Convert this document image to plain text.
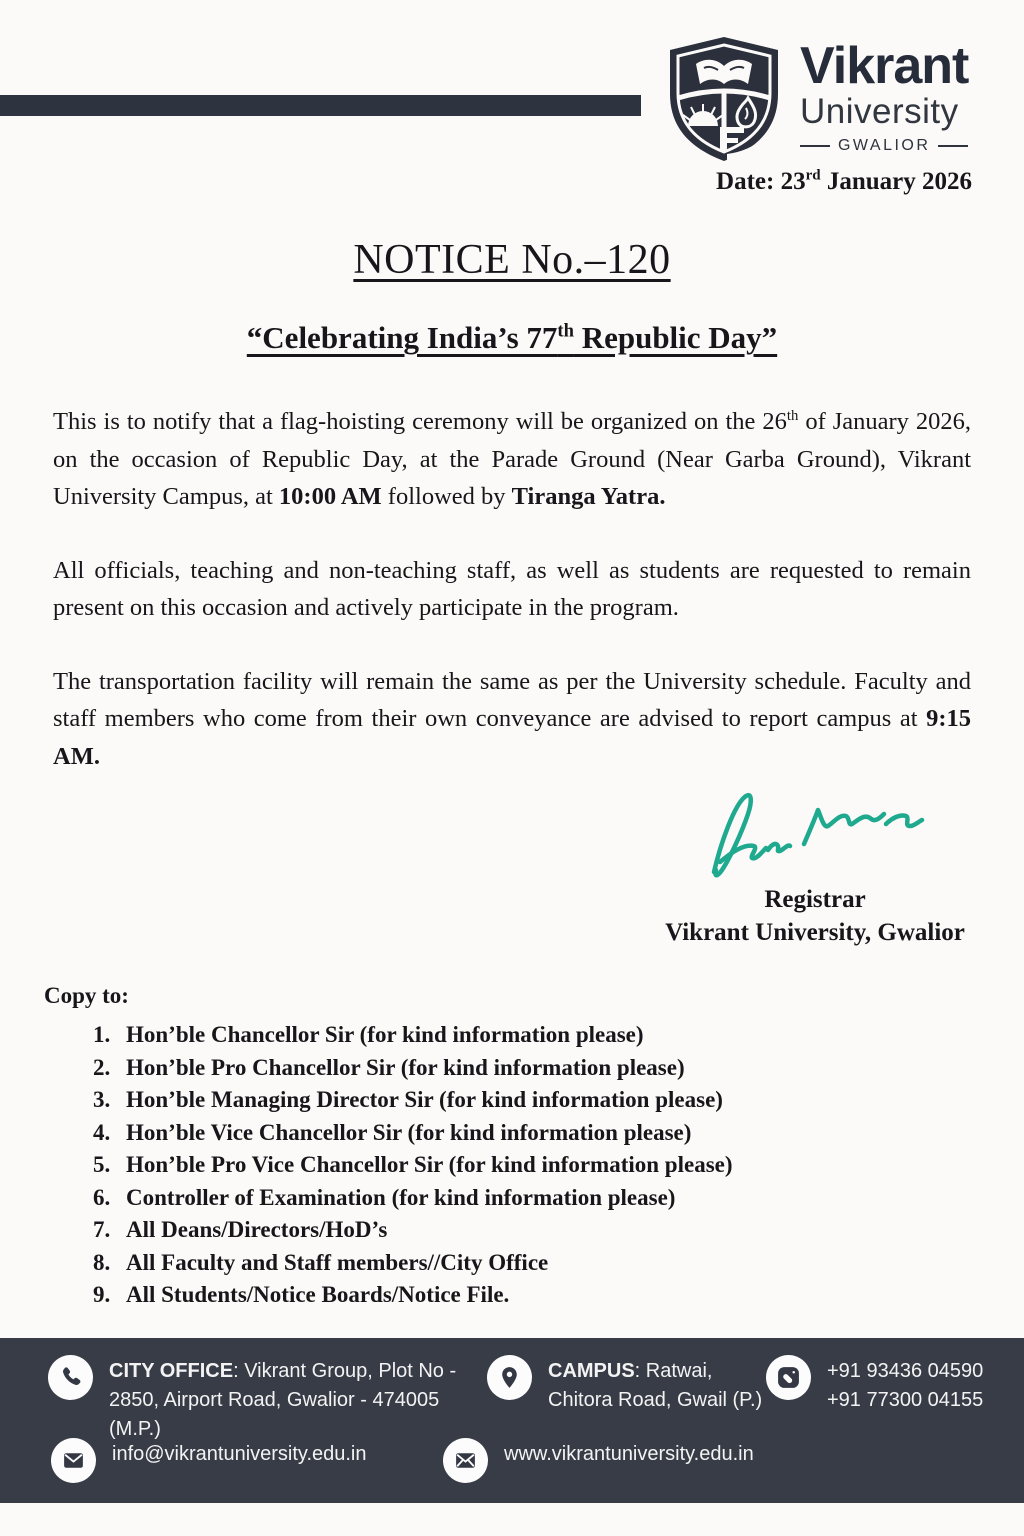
Vikrant
University
GWALIOR
Date: 23rd January 2026
NOTICE No.–120
“Celebrating India’s 77th Republic Day”

This is to notify that a flag-hoisting ceremony will be organized on the 26th of January 2026, on the occasion of Republic Day, at the Parade Ground (Near Garba Ground), Vikrant University Campus, at 10:00 AM followed by Tiranga Yatra.

All officials, teaching and non-teaching staff, as well as students are requested to remain present on this occasion and actively participate in the program.

The transportation facility will remain the same as per the University schedule. Faculty and staff members who come from their own conveyance are advised to report campus at 9:15 AM.

Registrar
Vikrant University, Gwalior
Copy to:
1. Hon’ble Chancellor Sir (for kind information please)
2. Hon’ble Pro Chancellor Sir (for kind information please)
3. Hon’ble Managing Director Sir (for kind information please)
4. Hon’ble Vice Chancellor Sir (for kind information please)
5. Hon’ble Pro Vice Chancellor Sir (for kind information please)
6. Controller of Examination (for kind information please)
7. All Deans/Directors/HoD’s
8. All Faculty and Staff members//City Office
9. All Students/Notice Boards/Notice File.
CITY OFFICE: Vikrant Group, Plot No - 2850, Airport Road, Gwalior - 474005 (M.P.)
CAMPUS: Ratwai, Chitora Road, Gwail (P.)
+91 93436 04590
+91 77300 04155
info@vikrantuniversity.edu.in	www.vikrantuniversity.edu.in
